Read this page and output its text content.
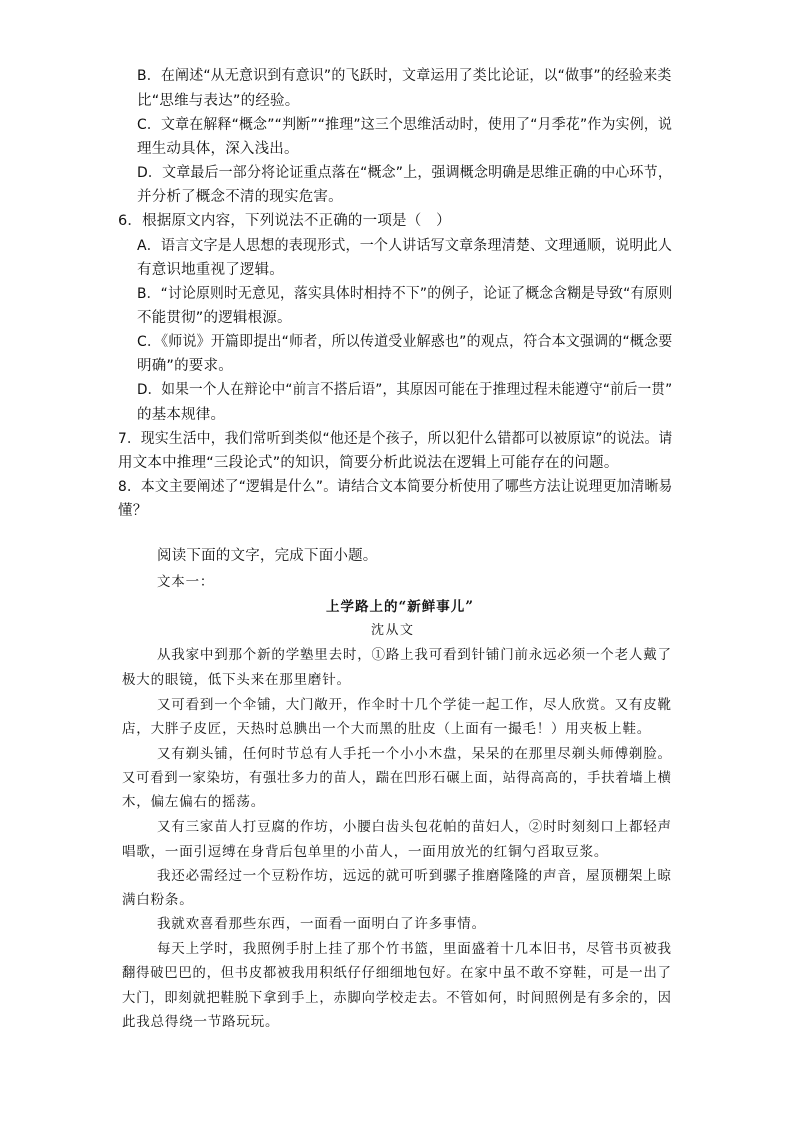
B．在阐述“从无意识到有意识”的飞跃时，文章运用了类比论证，以“做事”的经验来类
比“思维与表达”的经验。
C．文章在解释“概念”“判断”“推理”这三个思维活动时，使用了“月季花”作为实例，说
理生动具体，深入浅出。
D．文章最后一部分将论证重点落在“概念”上，强调概念明确是思维正确的中心环节，
并分析了概念不清的现实危害。
6．根据原文内容，下列说法不正确的一项是（　）
A．语言文字是人思想的表现形式，一个人讲话写文章条理清楚、文理通顺，说明此人
有意识地重视了逻辑。
B．“讨论原则时无意见，落实具体时相持不下”的例子，论证了概念含糊是导致“有原则
不能贯彻”的逻辑根源。
C．《师说》开篇即提出“师者，所以传道受业解惑也”的观点，符合本文强调的“概念要
明确”的要求。
D．如果一个人在辩论中“前言不搭后语”，其原因可能在于推理过程未能遵守“前后一贯”
的基本规律。
7．现实生活中，我们常听到类似“他还是个孩子，所以犯什么错都可以被原谅”的说法。请
用文本中推理“三段论式”的知识，简要分析此说法在逻辑上可能存在的问题。
8．本文主要阐述了“逻辑是什么”。请结合文本简要分析使用了哪些方法让说理更加清晰易
懂？
阅读下面的文字，完成下面小题。
文本一：
上学路上的“新鲜事儿”
沈从文
从我家中到那个新的学塾里去时，①路上我可看到针铺门前永远必须一个老人戴了
极大的眼镜，低下头来在那里磨针。
又可看到一个伞铺，大门敞开，作伞时十几个学徒一起工作，尽人欣赏。又有皮靴
店，大胖子皮匠，天热时总腆出一个大而黑的肚皮（上面有一撮毛！）用夹板上鞋。
又有剃头铺，任何时节总有人手托一个小小木盘，呆呆的在那里尽剃头师傅剃脸。
又可看到一家染坊，有强壮多力的苗人，踹在凹形石碾上面，站得高高的，手扶着墙上横
木，偏左偏右的摇荡。
又有三家苗人打豆腐的作坊，小腰白齿头包花帕的苗妇人，②时时刻刻口上都轻声
唱歌，一面引逗缚在身背后包单里的小苗人，一面用放光的红铜勺舀取豆浆。
我还必需经过一个豆粉作坊，远远的就可听到骡子推磨隆隆的声音，屋顶棚架上晾
满白粉条。
我就欢喜看那些东西，一面看一面明白了许多事情。
每天上学时，我照例手肘上挂了那个竹书篮，里面盛着十几本旧书，尽管书页被我
翻得破巴巴的，但书皮都被我用积纸仔仔细细地包好。在家中虽不敢不穿鞋，可是一出了
大门，即刻就把鞋脱下拿到手上，赤脚向学校走去。不管如何，时间照例是有多余的，因
此我总得绕一节路玩玩。
